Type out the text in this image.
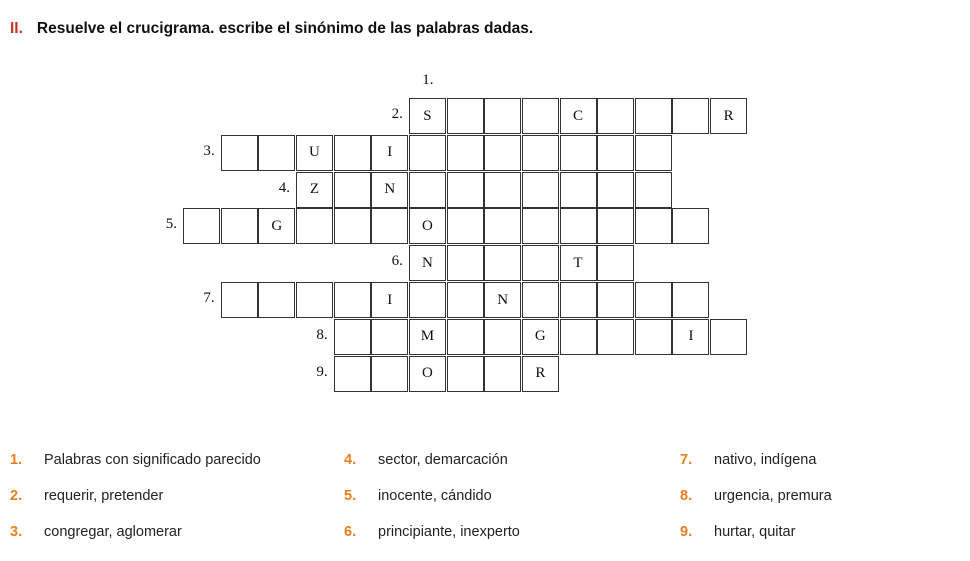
II. Resuelve el crucigrama. escribe el sinónimo de las palabras dadas.
S	C	R
2.
U	I
3.
Z	N
4.
G	O
5.
N	T
6.
I	N
7.
M	G	I
8.
O	R
9.
1.
1. Palabras con significado parecido
2. requerir, pretender
3. congregar, aglomerar
4. sector, demarcación
5. inocente, cándido
6. principiante, inexperto
7. nativo, indígena
8. urgencia, premura
9. hurtar, quitar
